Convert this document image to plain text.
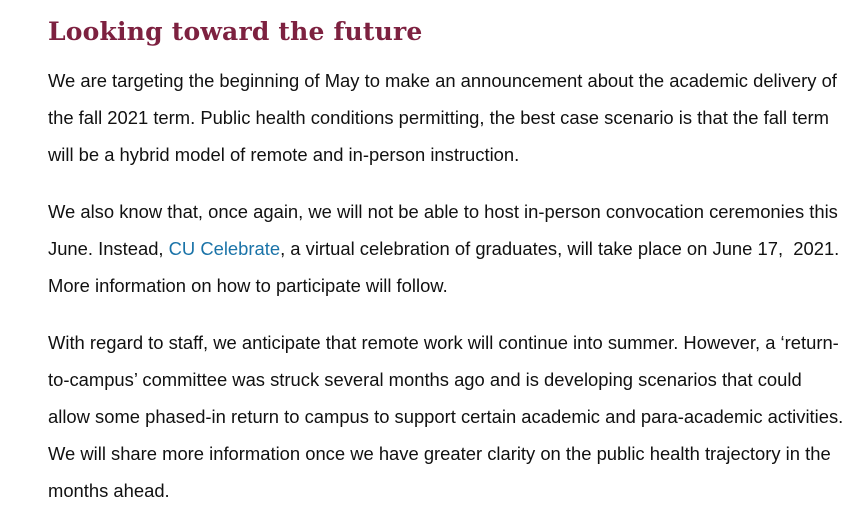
Looking toward the future

We are targeting the beginning of May to make an announcement about the academic delivery of the fall 2021 term. Public health conditions permitting, the best case scenario is that the fall term will be a hybrid model of remote and in-person instruction.

We also know that, once again, we will not be able to host in-person convocation ceremonies this June. Instead, CU Celebrate, a virtual celebration of graduates, will take place on June 17,  2021. More information on how to participate will follow.

With regard to staff, we anticipate that remote work will continue into summer. However, a ‘return-to-campus’ committee was struck several months ago and is developing scenarios that could allow some phased-in return to campus to support certain academic and para-academic activities. We will share more information once we have greater clarity on the public health trajectory in the months ahead.
